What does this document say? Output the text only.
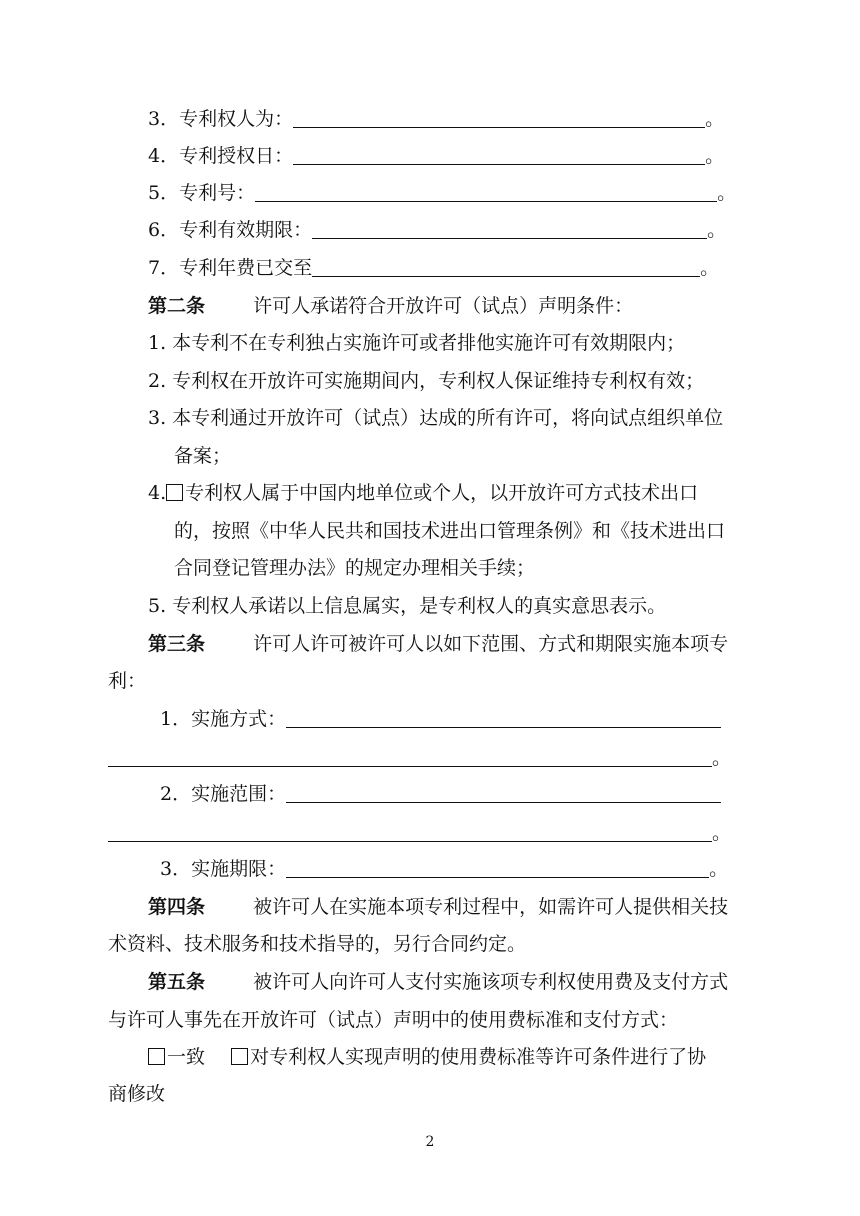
3．专利权人为：	。
4．专利授权日：	。
5．专利号：	。
6．专利有效期限：	。
7．专利年费已交至	。
第二条	许可人承诺符合开放许可（试点）声明条件：
1. 本专利不在专利独占实施许可或者排他实施许可有效期限内；
2. 专利权在开放许可实施期间内，专利权人保证维持专利权有效；
3. 本专利通过开放许可（试点）达成的所有许可，将向试点组织单位
备案；
4. 专利权人属于中国内地单位或个人，以开放许可方式技术出口
的，按照《中华人民共和国技术进出口管理条例》和《技术进出口
合同登记管理办法》的规定办理相关手续；
5. 专利权人承诺以上信息属实，是专利权人的真实意思表示。
第三条	许可人许可被许可人以如下范围、方式和期限实施本项专
利：
1．实施方式：
。
2．实施范围：
。
3．实施期限：	。
第四条	被许可人在实施本项专利过程中，如需许可人提供相关技
术资料、技术服务和技术指导的，另行合同约定。
第五条	被许可人向许可人支付实施该项专利权使用费及支付方式
与许可人事先在开放许可（试点）声明中的使用费标准和支付方式：
一致 对专利权人实现声明的使用费标准等许可条件进行了协
商修改
2
